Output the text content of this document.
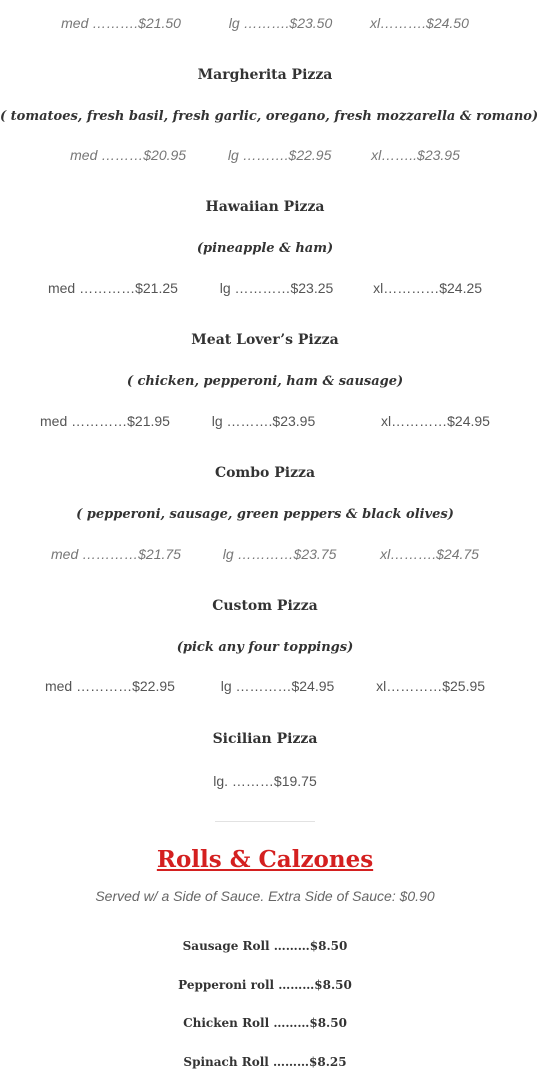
med ……….$21.50	lg ……….$23.50	xl……….$24.50
Margherita Pizza
( tomatoes, fresh basil, fresh garlic, oregano, fresh mozzarella & romano)
med ………$20.95	lg ……….$22.95	xl……..$23.95
Hawaiian Pizza
(pineapple & ham)
med …………$21.25	lg …………$23.25	xl…………$24.25
Meat Lover’s Pizza
( chicken, pepperoni, ham & sausage)
med …………$21.95	lg ……….$23.95	xl…………$24.95
Combo Pizza
( pepperoni, sausage, green peppers & black olives)
med …………$21.75	lg …………$23.75	xl……….$24.75
Custom Pizza
(pick any four toppings)
med …………$22.95	lg …………$24.95	xl…………$25.95
Sicilian Pizza
lg. ………$19.75
Rolls & Calzones
Served w/ a Side of Sauce. Extra Side of Sauce: $0.90
Sausage Roll ………$8.50
Pepperoni roll ………$8.50
Chicken Roll ………$8.50
Spinach Roll ………$8.25
